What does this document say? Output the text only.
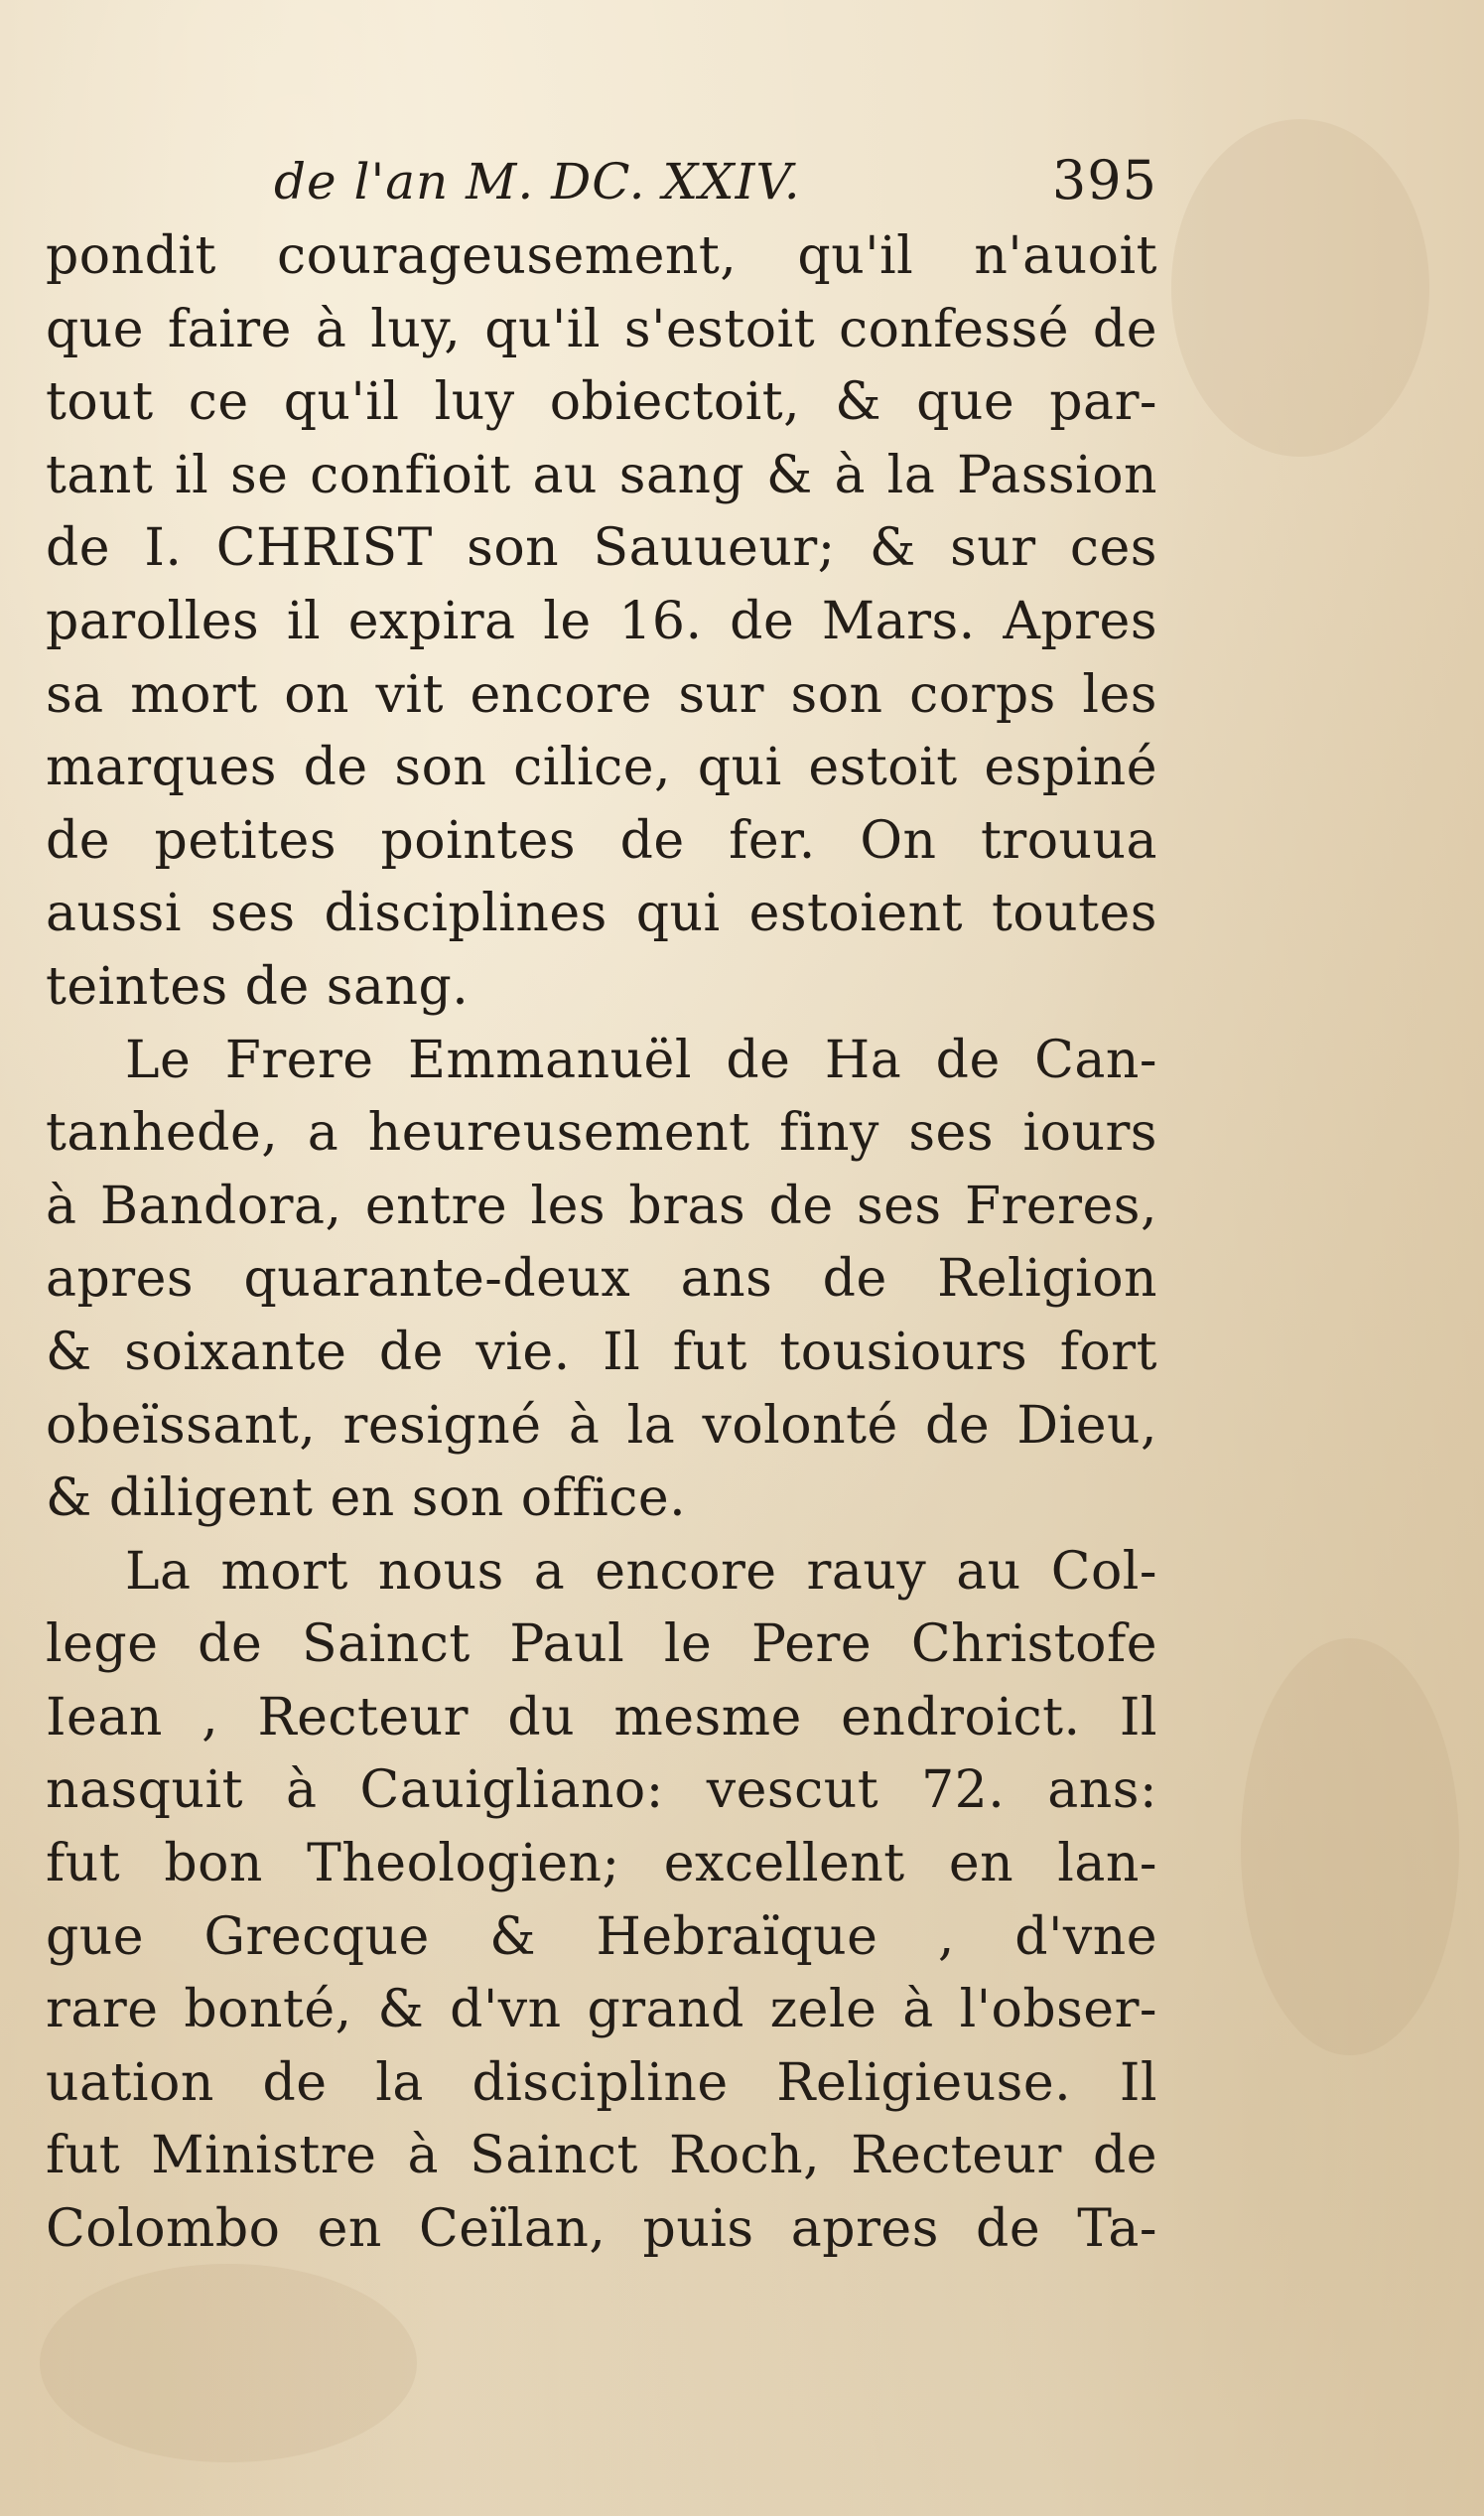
de l'an M. DC. XXIV.	395
pondit courageusement, qu'il n'auoit
que faire à luy, qu'il s'estoit confessé de
tout ce qu'il luy obiectoit, & que par-
tant il se confioit au sang & à la Passion
de I. CHRIST son Sauueur; & sur ces
parolles il expira le 16. de Mars. Apres
sa mort on vit encore sur son corps les
marques de son cilice, qui estoit espiné
de petites pointes de fer. On trouua
aussi ses disciplines qui estoient toutes
teintes de sang.
Le Frere Emmanuël de Ha de Can-
tanhede, a heureusement finy ses iours
à Bandora, entre les bras de ses Freres,
apres quarante-deux ans de Religion
& soixante de vie. Il fut tousiours fort
obeïssant, resigné à la volonté de Dieu,
& diligent en son office.
La mort nous a encore rauy au Col-
lege de Sainct Paul le Pere Christofe
Iean , Recteur du mesme endroict. Il
nasquit à Cauigliano: vescut 72. ans:
fut bon Theologien; excellent en lan-
gue Grecque & Hebraïque , d'vne
rare bonté, & d'vn grand zele à l'obser-
uation de la discipline Religieuse. Il
fut Ministre à Sainct Roch, Recteur de
Colombo en Ceïlan, puis apres de Ta-
